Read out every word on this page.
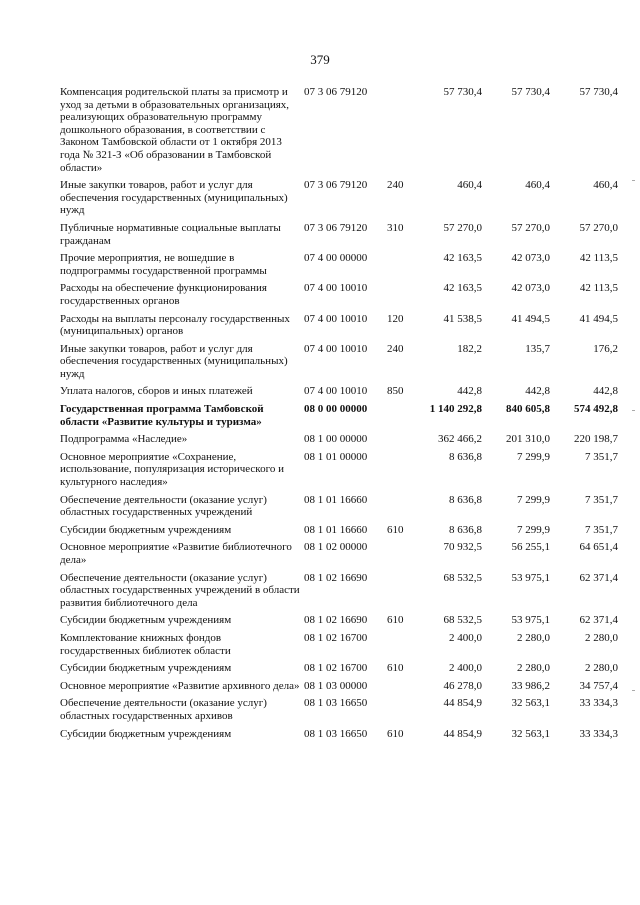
379
Компенсация родительской платы за присмотр и уход за детьми в образовательных организациях, реализующих образовательную программу дошкольного образования, в соответствии с Законом Тамбовской области от 1 октября 2013 года № 321-З «Об образовании в Тамбовской области»	07 3 06 79120		57 730,4	57 730,4	57 730,4
Иные закупки товаров, работ и услуг для обеспечения государственных (муниципальных) нужд	07 3 06 79120	240	460,4	460,4	460,4
Публичные нормативные социальные выплаты гражданам	07 3 06 79120	310	57 270,0	57 270,0	57 270,0
Прочие мероприятия, не вошедшие в подпрограммы государственной программы	07 4 00 00000		42 163,5	42 073,0	42 113,5
Расходы на обеспечение функционирования государственных органов	07 4 00 10010		42 163,5	42 073,0	42 113,5
Расходы на выплаты персоналу государственных (муниципальных) органов	07 4 00 10010	120	41 538,5	41 494,5	41 494,5
Иные закупки товаров, работ и услуг для обеспечения государственных (муниципальных) нужд	07 4 00 10010	240	182,2	135,7	176,2
Уплата налогов, сборов и иных платежей	07 4 00 10010	850	442,8	442,8	442,8
Государственная программа Тамбовской области «Развитие культуры и туризма»	08 0 00 00000		1 140 292,8	840 605,8	574 492,8
Подпрограмма «Наследие»	08 1 00 00000		362 466,2	201 310,0	220 198,7
Основное мероприятие «Сохранение, использование, популяризация исторического и культурного наследия»	08 1 01 00000		8 636,8	7 299,9	7 351,7
Обеспечение деятельности (оказание услуг) областных государственных учреждений	08 1 01 16660		8 636,8	7 299,9	7 351,7
Субсидии бюджетным учреждениям	08 1 01 16660	610	8 636,8	7 299,9	7 351,7
Основное мероприятие «Развитие библиотечного дела»	08 1 02 00000		70 932,5	56 255,1	64 651,4
Обеспечение деятельности (оказание услуг) областных государственных учреждений в области развития библиотечного дела	08 1 02 16690		68 532,5	53 975,1	62 371,4
Субсидии бюджетным учреждениям	08 1 02 16690	610	68 532,5	53 975,1	62 371,4
Комплектование книжных фондов государственных библиотек области	08 1 02 16700		2 400,0	2 280,0	2 280,0
Субсидии бюджетным учреждениям	08 1 02 16700	610	2 400,0	2 280,0	2 280,0
Основное мероприятие «Развитие архивного дела»	08 1 03 00000		46 278,0	33 986,2	34 757,4
Обеспечение деятельности (оказание услуг) областных государственных архивов	08 1 03 16650		44 854,9	32 563,1	33 334,3
Субсидии бюджетным учреждениям	08 1 03 16650	610	44 854,9	32 563,1	33 334,3
